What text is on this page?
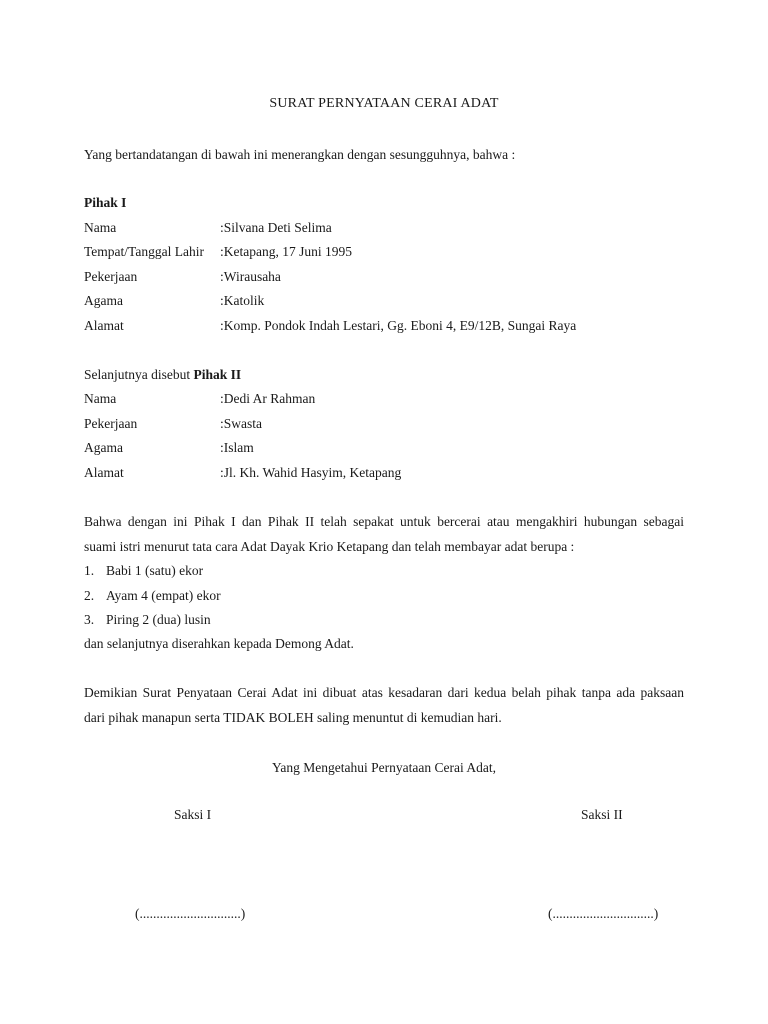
SURAT PERNYATAAN CERAI ADAT
Yang bertandatangan di bawah ini menerangkan dengan sesungguhnya, bahwa :
Pihak I
Nama	:Silvana Deti Selima
Tempat/Tanggal Lahir :Ketapang, 17 Juni 1995
Pekerjaan	:Wirausaha
Agama	:Katolik
Alamat	:Komp. Pondok Indah Lestari, Gg. Eboni 4, E9/12B, Sungai Raya
Selanjutnya disebut Pihak II
Nama	:Dedi Ar Rahman
Pekerjaan	:Swasta
Agama	:Islam
Alamat	:Jl. Kh. Wahid Hasyim, Ketapang
Bahwa dengan ini Pihak I dan Pihak II telah sepakat untuk bercerai atau mengakhiri hubungan sebagai
suami istri menurut tata cara Adat Dayak Krio Ketapang dan telah membayar adat berupa :
1. Babi 1 (satu) ekor
2. Ayam 4 (empat) ekor
3. Piring 2 (dua) lusin
dan selanjutnya diserahkan kepada Demong Adat.
Demikian Surat Penyataan Cerai Adat ini dibuat atas kesadaran dari kedua belah pihak tanpa ada paksaan
dari pihak manapun serta TIDAK BOLEH saling menuntut di kemudian hari.
Yang Mengetahui Pernyataan Cerai Adat,
Saksi I	Saksi II
(..............................)	(..............................)
